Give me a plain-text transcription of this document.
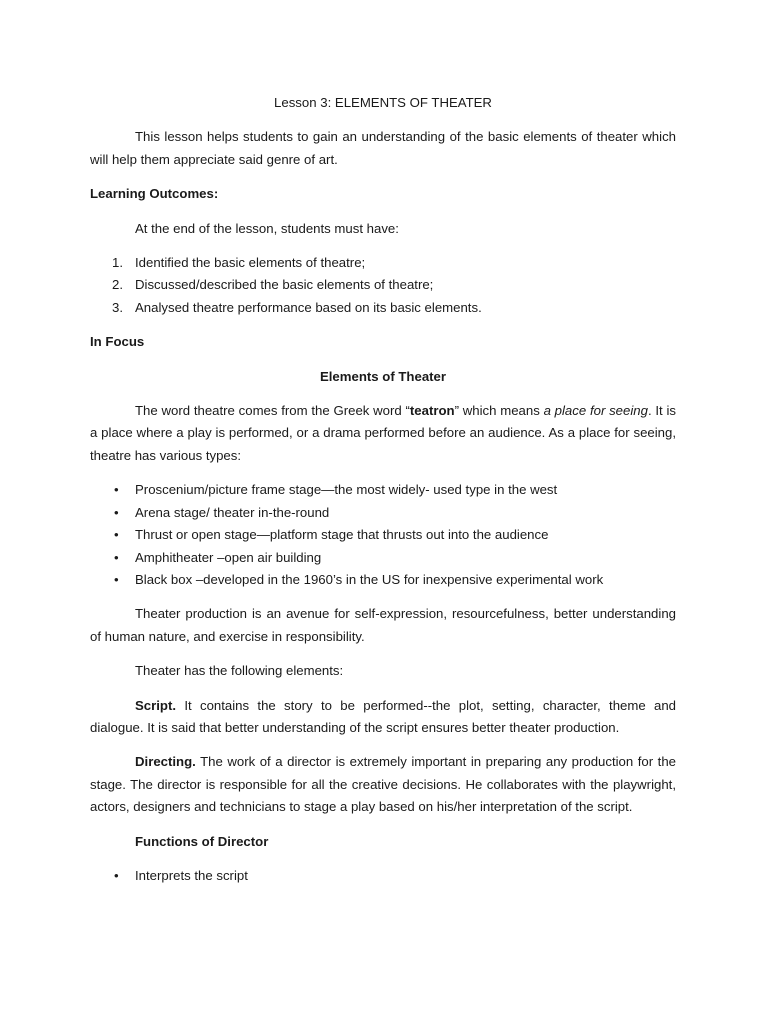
Lesson 3: ELEMENTS OF THEATER

This lesson helps students to gain an understanding of the basic elements of theater which will help them appreciate said genre of art.

Learning Outcomes:

At the end of the lesson, students must have:

1. Identified the basic elements of theatre;
2. Discussed/described the basic elements of theatre;
3. Analysed theatre performance based on its basic elements.

In Focus

Elements of Theater

The word theatre comes from the Greek word “teatron” which means a place for seeing. It is a place where a play is performed, or a drama performed before an audience. As a place for seeing, theatre has various types:

• Proscenium/picture frame stage—the most widely- used type in the west
• Arena stage/ theater in-the-round
• Thrust or open stage—platform stage that thrusts out into the audience
• Amphitheater –open air building
• Black box –developed in the 1960’s in the US for inexpensive experimental work

Theater production is an avenue for self-expression, resourcefulness, better understanding of human nature, and exercise in responsibility.

Theater has the following elements:

Script. It contains the story to be performed--the plot, setting, character, theme and dialogue. It is said that better understanding of the script ensures better theater production.

Directing. The work of a director is extremely important in preparing any production for the stage. The director is responsible for all the creative decisions. He collaborates with the playwright, actors, designers and technicians to stage a play based on his/her interpretation of the script.

Functions of Director

• Interprets the script
